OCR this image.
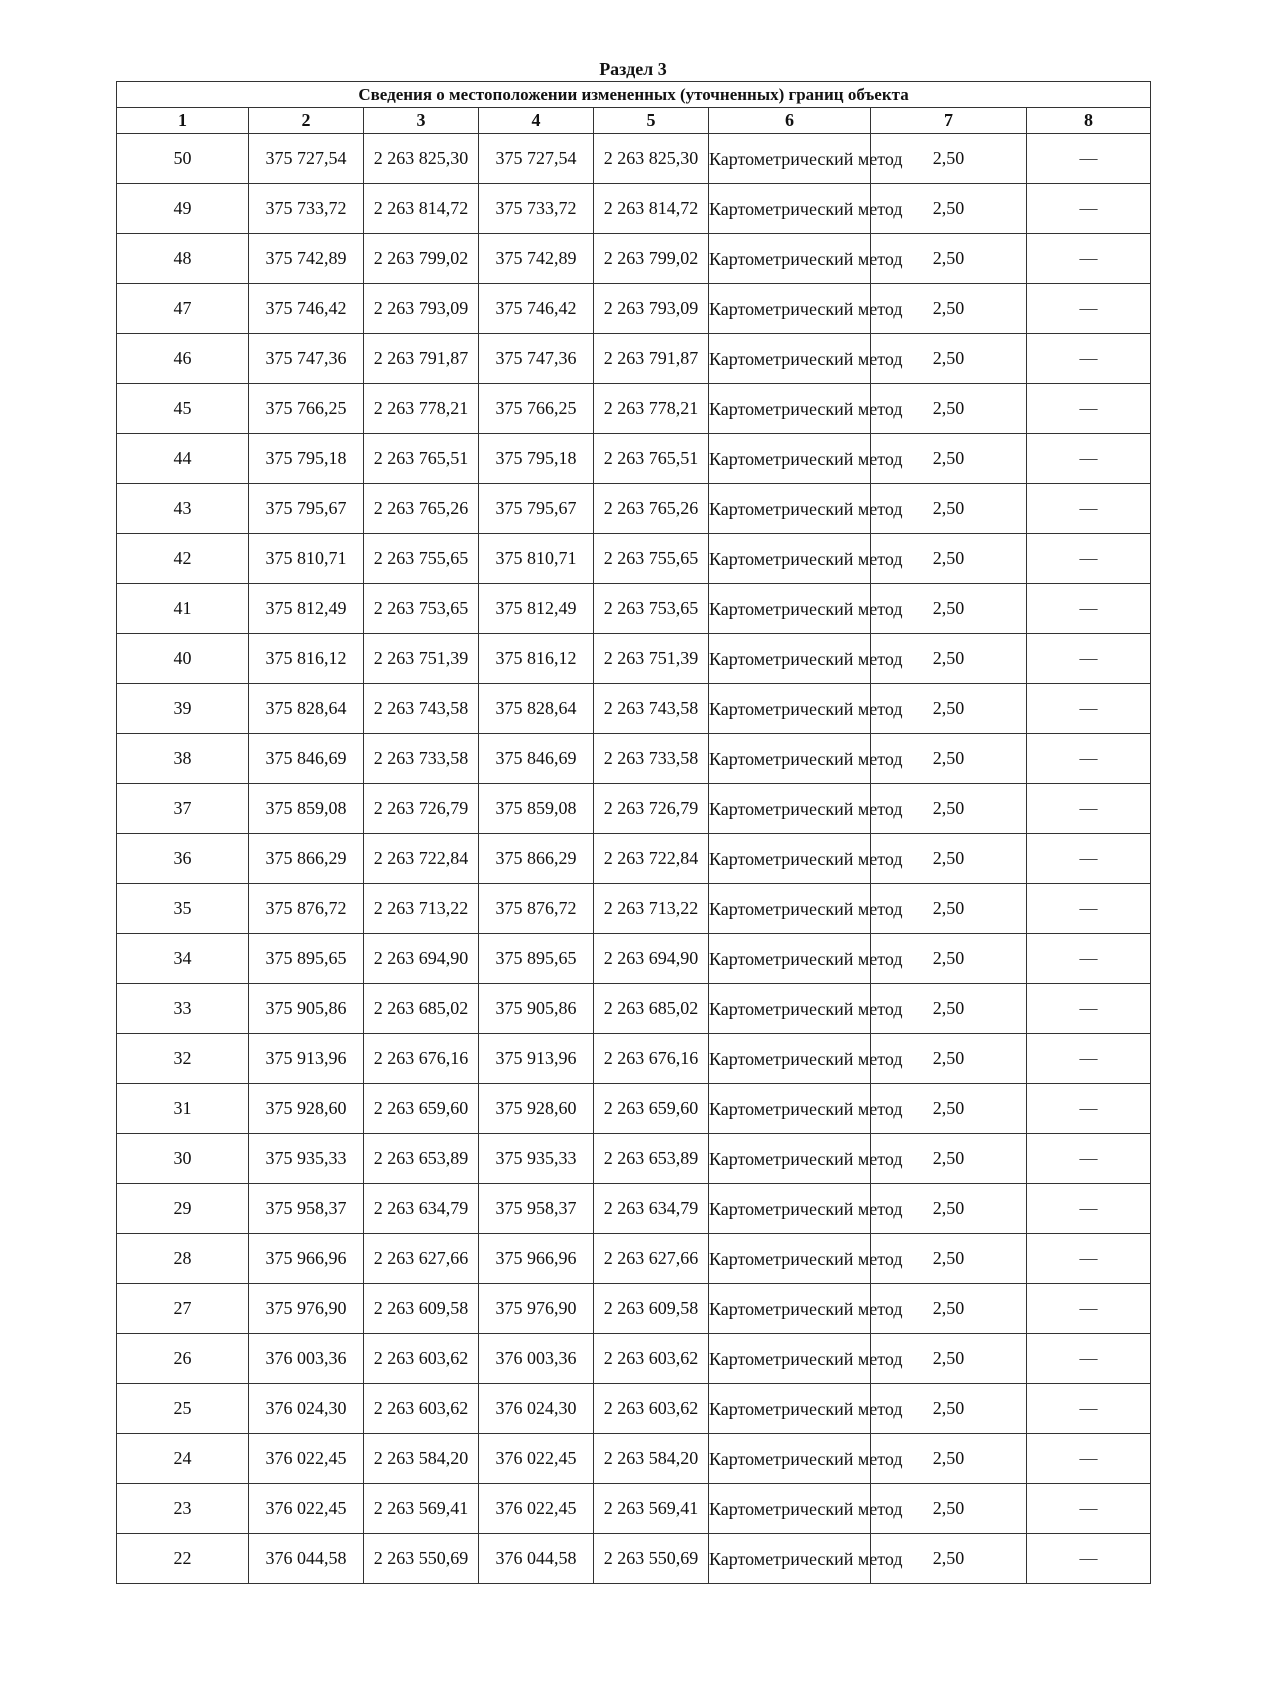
Раздел 3
Сведения о местоположении измененных (уточненных) границ объекта							
1	2	3	4	5	6	7	8
50	375 727,54	2 263 825,30	375 727,54	2 263 825,30	Картометрический метод	2,50	—
49	375 733,72	2 263 814,72	375 733,72	2 263 814,72	Картометрический метод	2,50	—
48	375 742,89	2 263 799,02	375 742,89	2 263 799,02	Картометрический метод	2,50	—
47	375 746,42	2 263 793,09	375 746,42	2 263 793,09	Картометрический метод	2,50	—
46	375 747,36	2 263 791,87	375 747,36	2 263 791,87	Картометрический метод	2,50	—
45	375 766,25	2 263 778,21	375 766,25	2 263 778,21	Картометрический метод	2,50	—
44	375 795,18	2 263 765,51	375 795,18	2 263 765,51	Картометрический метод	2,50	—
43	375 795,67	2 263 765,26	375 795,67	2 263 765,26	Картометрический метод	2,50	—
42	375 810,71	2 263 755,65	375 810,71	2 263 755,65	Картометрический метод	2,50	—
41	375 812,49	2 263 753,65	375 812,49	2 263 753,65	Картометрический метод	2,50	—
40	375 816,12	2 263 751,39	375 816,12	2 263 751,39	Картометрический метод	2,50	—
39	375 828,64	2 263 743,58	375 828,64	2 263 743,58	Картометрический метод	2,50	—
38	375 846,69	2 263 733,58	375 846,69	2 263 733,58	Картометрический метод	2,50	—
37	375 859,08	2 263 726,79	375 859,08	2 263 726,79	Картометрический метод	2,50	—
36	375 866,29	2 263 722,84	375 866,29	2 263 722,84	Картометрический метод	2,50	—
35	375 876,72	2 263 713,22	375 876,72	2 263 713,22	Картометрический метод	2,50	—
34	375 895,65	2 263 694,90	375 895,65	2 263 694,90	Картометрический метод	2,50	—
33	375 905,86	2 263 685,02	375 905,86	2 263 685,02	Картометрический метод	2,50	—
32	375 913,96	2 263 676,16	375 913,96	2 263 676,16	Картометрический метод	2,50	—
31	375 928,60	2 263 659,60	375 928,60	2 263 659,60	Картометрический метод	2,50	—
30	375 935,33	2 263 653,89	375 935,33	2 263 653,89	Картометрический метод	2,50	—
29	375 958,37	2 263 634,79	375 958,37	2 263 634,79	Картометрический метод	2,50	—
28	375 966,96	2 263 627,66	375 966,96	2 263 627,66	Картометрический метод	2,50	—
27	375 976,90	2 263 609,58	375 976,90	2 263 609,58	Картометрический метод	2,50	—
26	376 003,36	2 263 603,62	376 003,36	2 263 603,62	Картометрический метод	2,50	—
25	376 024,30	2 263 603,62	376 024,30	2 263 603,62	Картометрический метод	2,50	—
24	376 022,45	2 263 584,20	376 022,45	2 263 584,20	Картометрический метод	2,50	—
23	376 022,45	2 263 569,41	376 022,45	2 263 569,41	Картометрический метод	2,50	—
22	376 044,58	2 263 550,69	376 044,58	2 263 550,69	Картометрический метод	2,50	—
